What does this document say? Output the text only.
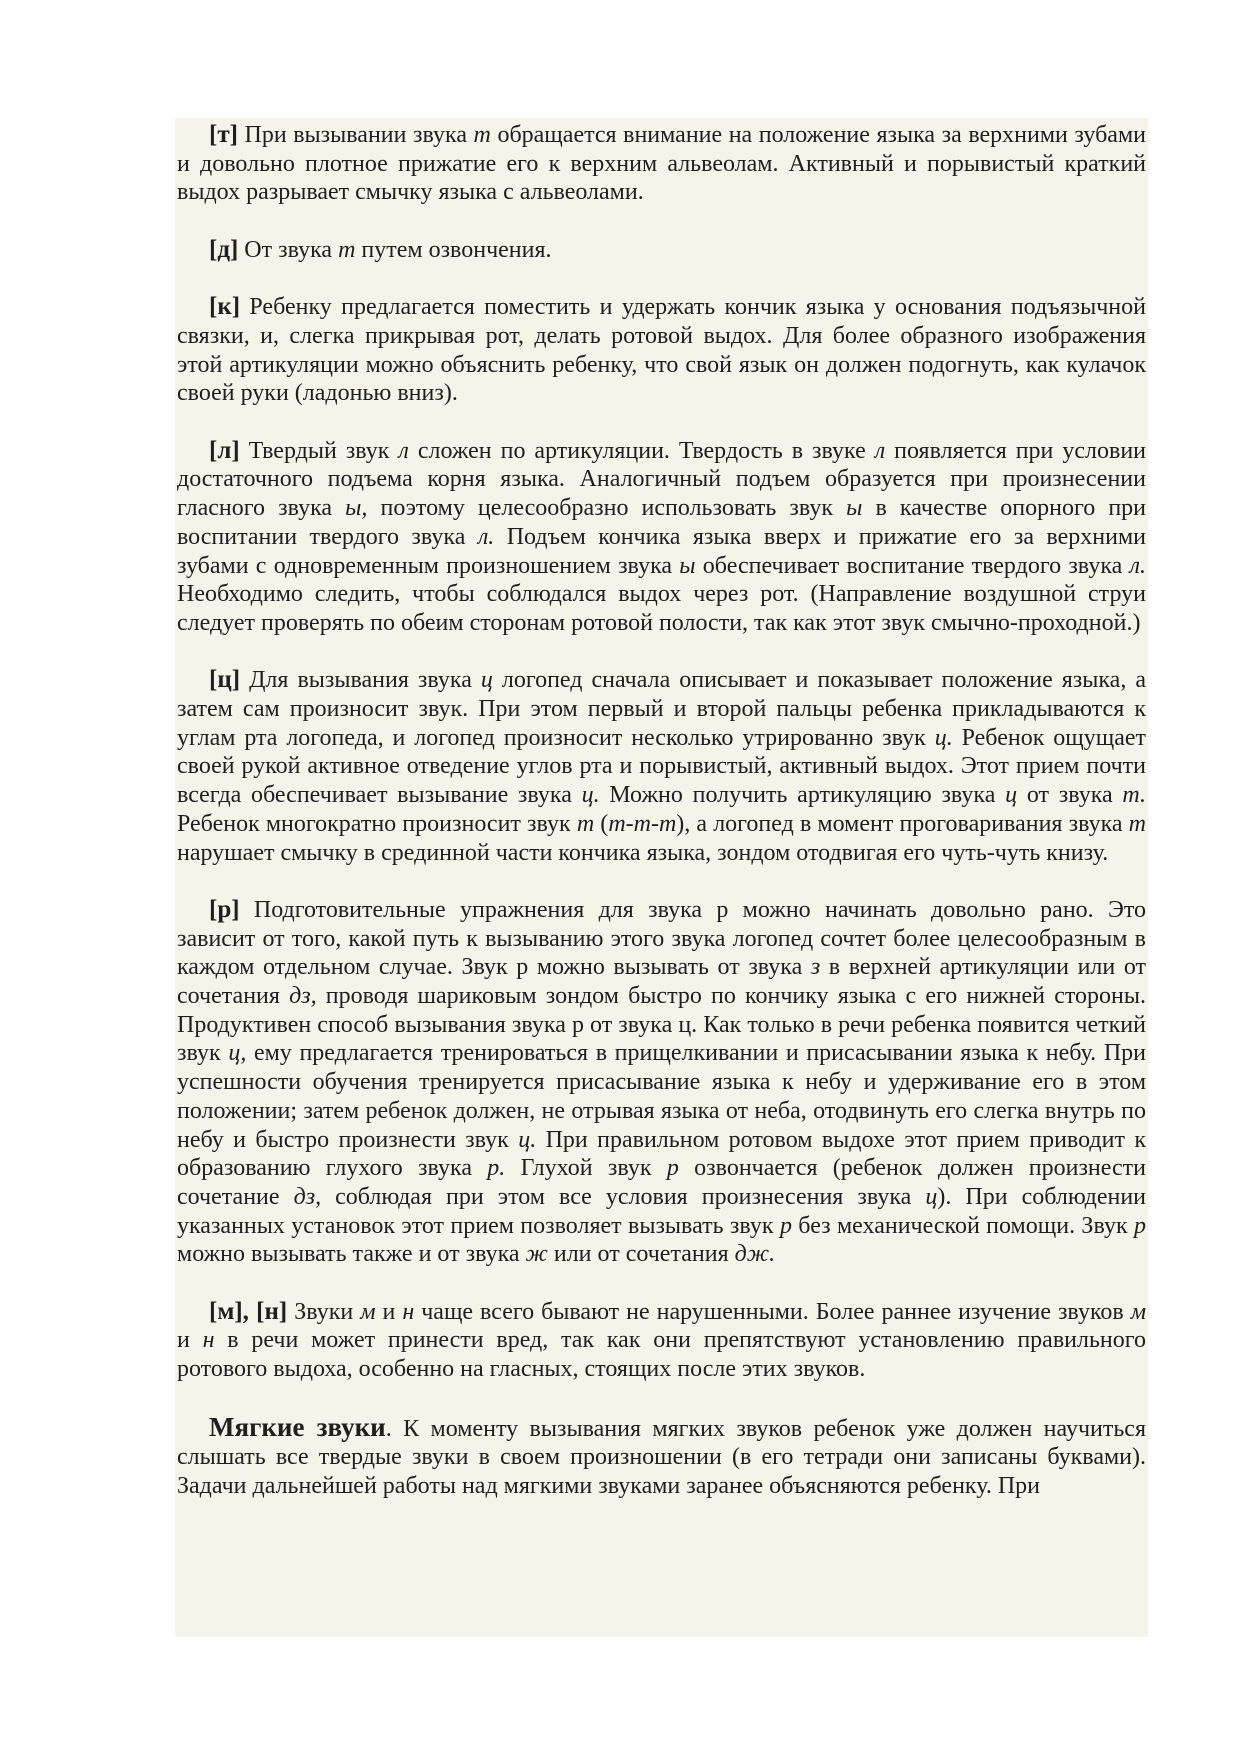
[т] При вызывании звука т обращается внимание на положение языка за верхними зубами и довольно плотное прижатие его к верхним альвеолам. Активный и порывистый краткий выдох разрывает смычку языка с альвеолами.

[д] От звука т путем озвончения.

[к] Ребенку предлагается поместить и удержать кончик языка у основания подъязычной связки, и, слегка прикрывая рот, делать ротовой выдох. Для более образного изображения этой артикуляции можно объяснить ребенку, что свой язык он должен подогнуть, как кулачок своей руки (ладонью вниз).

[л] Твердый звук л сложен по артикуляции. Твердость в звуке л появляется при условии достаточного подъема корня языка. Аналогичный подъем образуется при произнесении гласного звука ы, поэтому целесообразно использовать звук ы в качестве опорного при воспитании твердого звука л. Подъем кончика языка вверх и прижатие его за верхними зубами с одновременным произношением звука ы обеспечивает воспитание твердого звука л. Необходимо следить, чтобы соблюдался выдох через рот. (Направление воздушной струи следует проверять по обеим сторонам ротовой полости, так как этот звук смычно-проходной.)

[ц] Для вызывания звука ц логопед сначала описывает и показывает положение языка, а затем сам произносит звук. При этом первый и второй пальцы ребенка прикладываются к углам рта логопеда, и логопед произносит несколько утрированно звук ц. Ребенок ощущает своей рукой активное отведение углов рта и порывистый, активный выдох. Этот прием почти всегда обеспечивает вызывание звука ц. Можно получить артикуляцию звука ц от звука т. Ребенок многократно произносит звук т (т-т-т), а логопед в момент проговаривания звука т нарушает смычку в срединной части кончика языка, зондом отодвигая его чуть-чуть книзу.

[р] Подготовительные упражнения для звука р можно начинать довольно рано. Это зависит от того, какой путь к вызыванию этого звука логопед сочтет более целесообразным в каждом отдельном случае. Звук р можно вызывать от звука з в верхней артикуляции или от сочетания дз, проводя шариковым зондом быстро по кончику языка с его нижней стороны. Продуктивен способ вызывания звука р от звука ц. Как только в речи ребенка появится четкий звук ц, ему предлагается тренироваться в прищелкивании и присасывании языка к небу. При успешности обучения тренируется присасывание языка к небу и удерживание его в этом положении; затем ребенок должен, не отрывая языка от неба, отодвинуть его слегка внутрь по небу и быстро произнести звук ц. При правильном ротовом выдохе этот прием приводит к образованию глухого звука р. Глухой звук р озвончается (ребенок должен произнести сочетание дз, соблюдая при этом все условия произнесения звука ц). При соблюдении указанных установок этот прием позволяет вызывать звук р без механической помощи. Звук р можно вызывать также и от звука ж или от сочетания дж.

[м], [н] Звуки м и н чаще всего бывают не нарушенными. Более раннее изучение звуков м и н в речи может принести вред, так как они препятствуют установлению правильного ротового выдоха, особенно на гласных, стоящих после этих звуков.

Мягкие звуки. К моменту вызывания мягких звуков ребенок уже должен научиться слышать все твердые звуки в своем произношении (в его тетради они записаны буквами). Задачи дальнейшей работы над мягкими звуками заранее объясняются ребенку. При
